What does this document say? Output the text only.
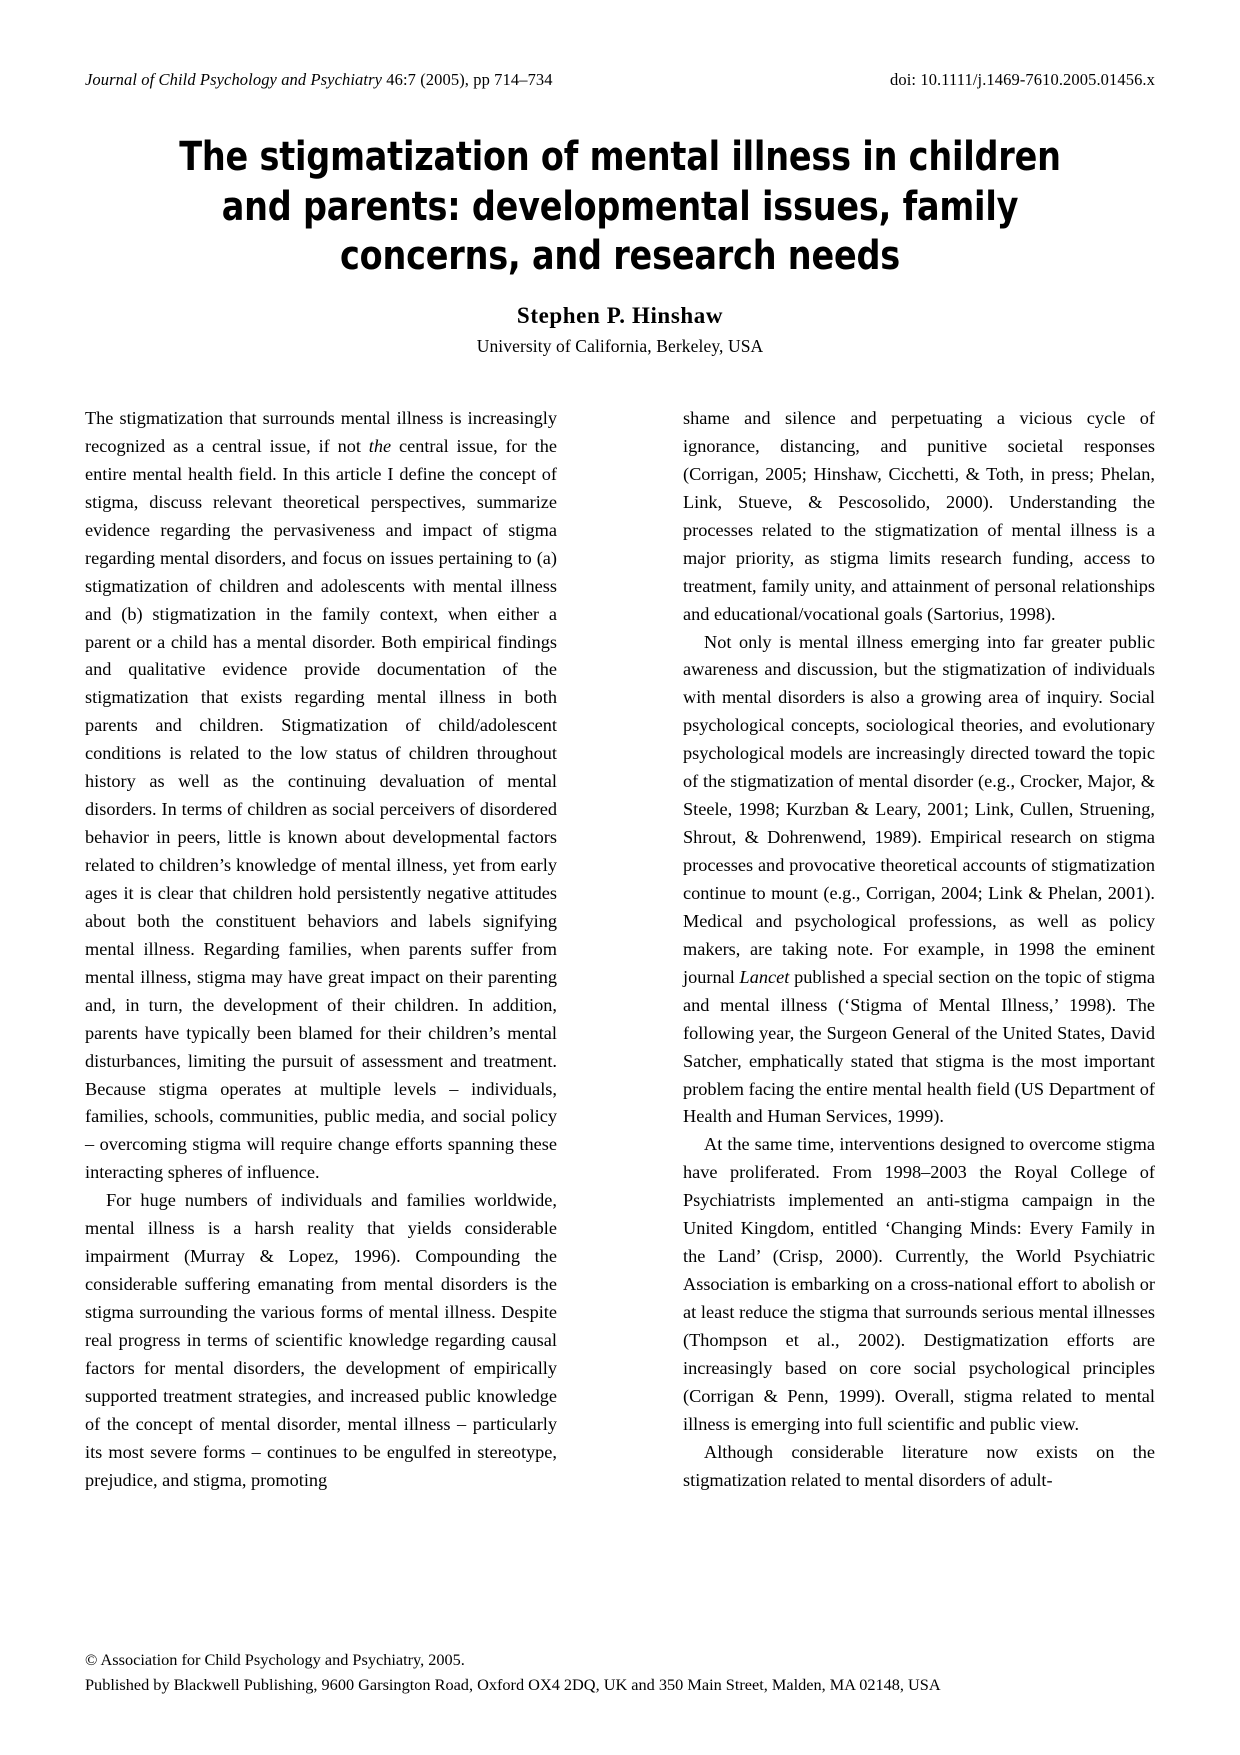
Journal of Child Psychology and Psychiatry 46:7 (2005), pp 714–734	doi: 10.1111/j.1469-7610.2005.01456.x
The stigmatization of mental illness in children and parents: developmental issues, family concerns, and research needs
Stephen P. Hinshaw
University of California, Berkeley, USA

The stigmatization that surrounds mental illness is increasingly recognized as a central issue, if not the central issue, for the entire mental health field. In this article I define the concept of stigma, discuss relevant theoretical perspectives, summarize evidence regarding the pervasiveness and impact of stigma regarding mental disorders, and focus on issues pertaining to (a) stigmatization of children and adolescents with mental illness and (b) stigmatization in the family context, when either a parent or a child has a mental disorder. Both empirical findings and qualitative evidence provide documentation of the stigmatization that exists regarding mental illness in both parents and children. Stigmatization of child/adolescent conditions is related to the low status of children throughout history as well as the continuing devaluation of mental disorders. In terms of children as social perceivers of disordered behavior in peers, little is known about developmental factors related to children’s knowledge of mental illness, yet from early ages it is clear that children hold persistently negative attitudes about both the constituent behaviors and labels signifying mental illness. Regarding families, when parents suffer from mental illness, stigma may have great impact on their parenting and, in turn, the development of their children. In addition, parents have typically been blamed for their children’s mental disturbances, limiting the pursuit of assessment and treatment. Because stigma operates at multiple levels – individuals, families, schools, communities, public media, and social policy – overcoming stigma will require change efforts spanning these interacting spheres of influence.

For huge numbers of individuals and families worldwide, mental illness is a harsh reality that yields considerable impairment (Murray & Lopez, 1996). Compounding the considerable suffering emanating from mental disorders is the stigma surrounding the various forms of mental illness. Despite real progress in terms of scientific knowledge regarding causal factors for mental disorders, the development of empirically supported treatment strategies, and increased public knowledge of the concept of mental disorder, mental illness – particularly its most severe forms – continues to be engulfed in stereotype, prejudice, and stigma, promoting

shame and silence and perpetuating a vicious cycle of ignorance, distancing, and punitive societal responses (Corrigan, 2005; Hinshaw, Cicchetti, & Toth, in press; Phelan, Link, Stueve, & Pescosolido, 2000). Understanding the processes related to the stigmatization of mental illness is a major priority, as stigma limits research funding, access to treatment, family unity, and attainment of personal relationships and educational/vocational goals (Sartorius, 1998).

Not only is mental illness emerging into far greater public awareness and discussion, but the stigmatization of individuals with mental disorders is also a growing area of inquiry. Social psychological concepts, sociological theories, and evolutionary psychological models are increasingly directed toward the topic of the stigmatization of mental disorder (e.g., Crocker, Major, & Steele, 1998; Kurzban & Leary, 2001; Link, Cullen, Struening, Shrout, & Dohrenwend, 1989). Empirical research on stigma processes and provocative theoretical accounts of stigmatization continue to mount (e.g., Corrigan, 2004; Link & Phelan, 2001). Medical and psychological professions, as well as policy makers, are taking note. For example, in 1998 the eminent journal Lancet published a special section on the topic of stigma and mental illness (‘Stigma of Mental Illness,’ 1998). The following year, the Surgeon General of the United States, David Satcher, emphatically stated that stigma is the most important problem facing the entire mental health field (US Department of Health and Human Services, 1999).

At the same time, interventions designed to overcome stigma have proliferated. From 1998–2003 the Royal College of Psychiatrists implemented an anti-stigma campaign in the United Kingdom, entitled ‘Changing Minds: Every Family in the Land’ (Crisp, 2000). Currently, the World Psychiatric Association is embarking on a cross-national effort to abolish or at least reduce the stigma that surrounds serious mental illnesses (Thompson et al., 2002). Destigmatization efforts are increasingly based on core social psychological principles (Corrigan & Penn, 1999). Overall, stigma related to mental illness is emerging into full scientific and public view.

Although considerable literature now exists on the stigmatization related to mental disorders of adult-

© Association for Child Psychology and Psychiatry, 2005.
Published by Blackwell Publishing, 9600 Garsington Road, Oxford OX4 2DQ, UK and 350 Main Street, Malden, MA 02148, USA
